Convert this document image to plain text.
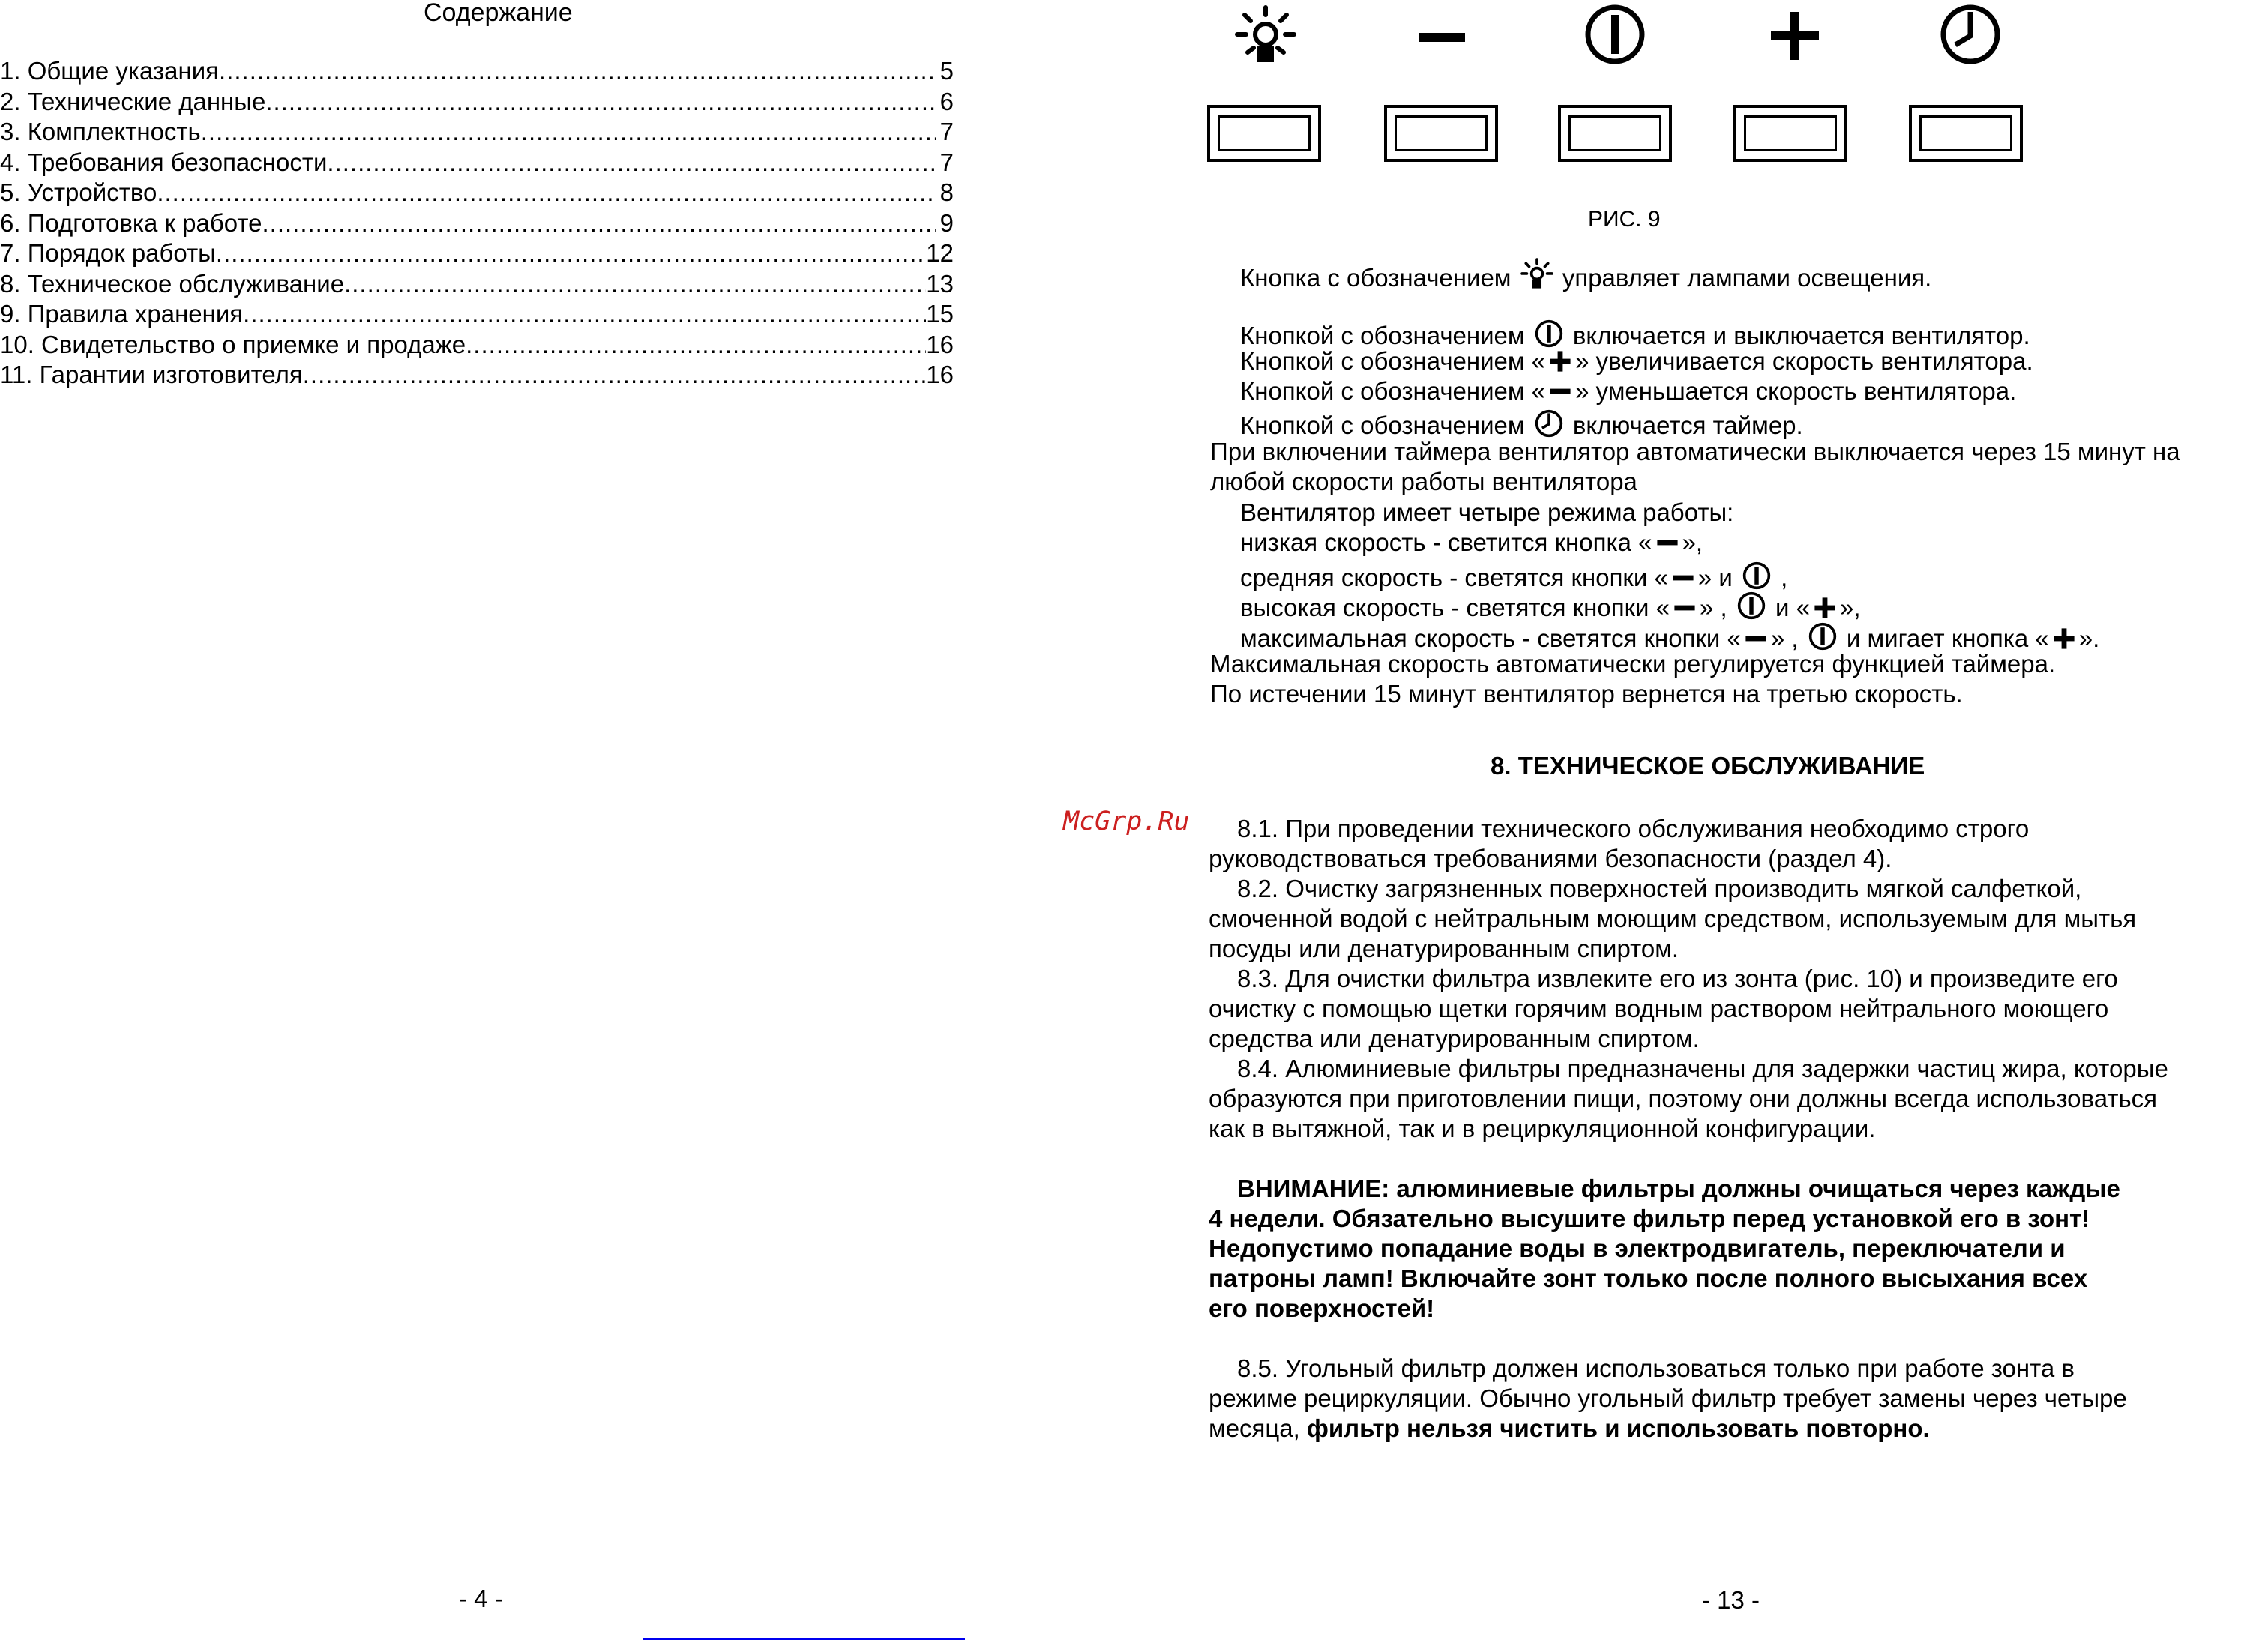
Содержание
1. Общие указания .....	5
2. Технические данные .....	6
3. Комплектность .....	7
4. Требования безопасности .....	7
5. Устройство .....	8
6. Подготовка к работе .....	9
7. Порядок работы .....	12
8. Техническое обслуживание .....	13
9. Правила хранения .....	15
10. Свидетельство о приемке и продаже .....	16
11. Гарантии изготовителя .....	16
- 4 -
РИС. 9
Кнопка с обозначением  управляет лампами освещения.
Кнопкой с обозначением  включается и выключается вентилятор.
Кнопкой с обозначением « » увеличивается скорость вентилятора.
Кнопкой с обозначением « » уменьшается скорость вентилятора.
Кнопкой с обозначением  включается таймер.
При включении таймера вентилятор автоматически выключается через 15 минут на
любой скорости работы вентилятора
Вентилятор имеет четыре режима работы:
низкая скорость - светится кнопка « »,
средняя скорость - светятся кнопки « » и  ,
высокая скорость - светятся кнопки « » ,  и « »,
максимальная скорость - светятся кнопки « » ,  и мигает кнопка « ».
Максимальная скорость автоматически регулируется функцией таймера.
По истечении 15 минут вентилятор вернется на третью скорость.
8. ТЕХНИЧЕСКОЕ ОБСЛУЖИВАНИЕ
McGrp.Ru 8.1. При проведении технического обслуживания необходимо строго
руководствоваться требованиями безопасности (раздел 4).
8.2. Очистку загрязненных поверхностей производить мягкой салфеткой,
смоченной водой с нейтральным моющим средством, используемым для мытья
посуды или денатурированным спиртом.
8.3. Для очистки фильтра извлеките его из зонта (рис. 10) и произведите его
очистку с помощью щетки горячим водным раствором нейтрального моющего
средства или денатурированным спиртом.
8.4. Алюминиевые фильтры предназначены для задержки частиц жира, которые
образуются при приготовлении пищи, поэтому они должны всегда использоваться
как в вытяжной, так и в рециркуляционной конфигурации.
ВНИМАНИЕ: алюминиевые фильтры должны очищаться через каждые
4 недели. Обязательно высушите фильтр перед установкой его в зонт!
Недопустимо попадание воды в электродвигатель, переключатели и
патроны ламп! Включайте зонт только после полного высыхания всех
его поверхностей!
8.5. Угольный фильтр должен использоваться только при работе зонта в
режиме рециркуляции. Обычно угольный фильтр требует замены через четыре
месяца, фильтр нельзя чистить и использовать повторно.
- 13 -
